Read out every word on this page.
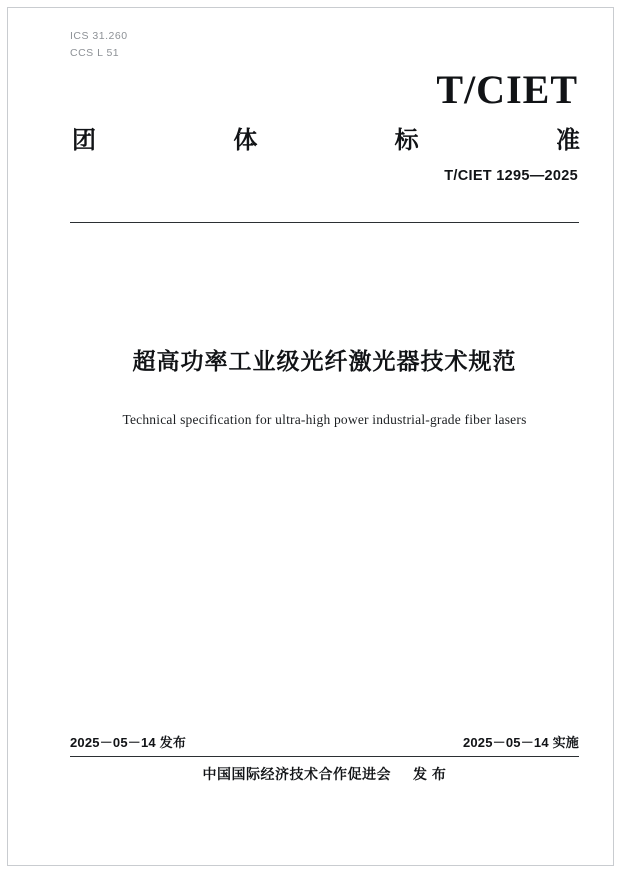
ICS 31.260
CCS L 51
T/CIET
团	体	标	准
T/CIET 1295—2025
超高功率工业级光纤激光器技术规范
Technical specification for ultra-high power industrial-grade fiber lasers
2025－05－14 发布	2025－05－14 实施
中国国际经济技术合作促进会 发 布
